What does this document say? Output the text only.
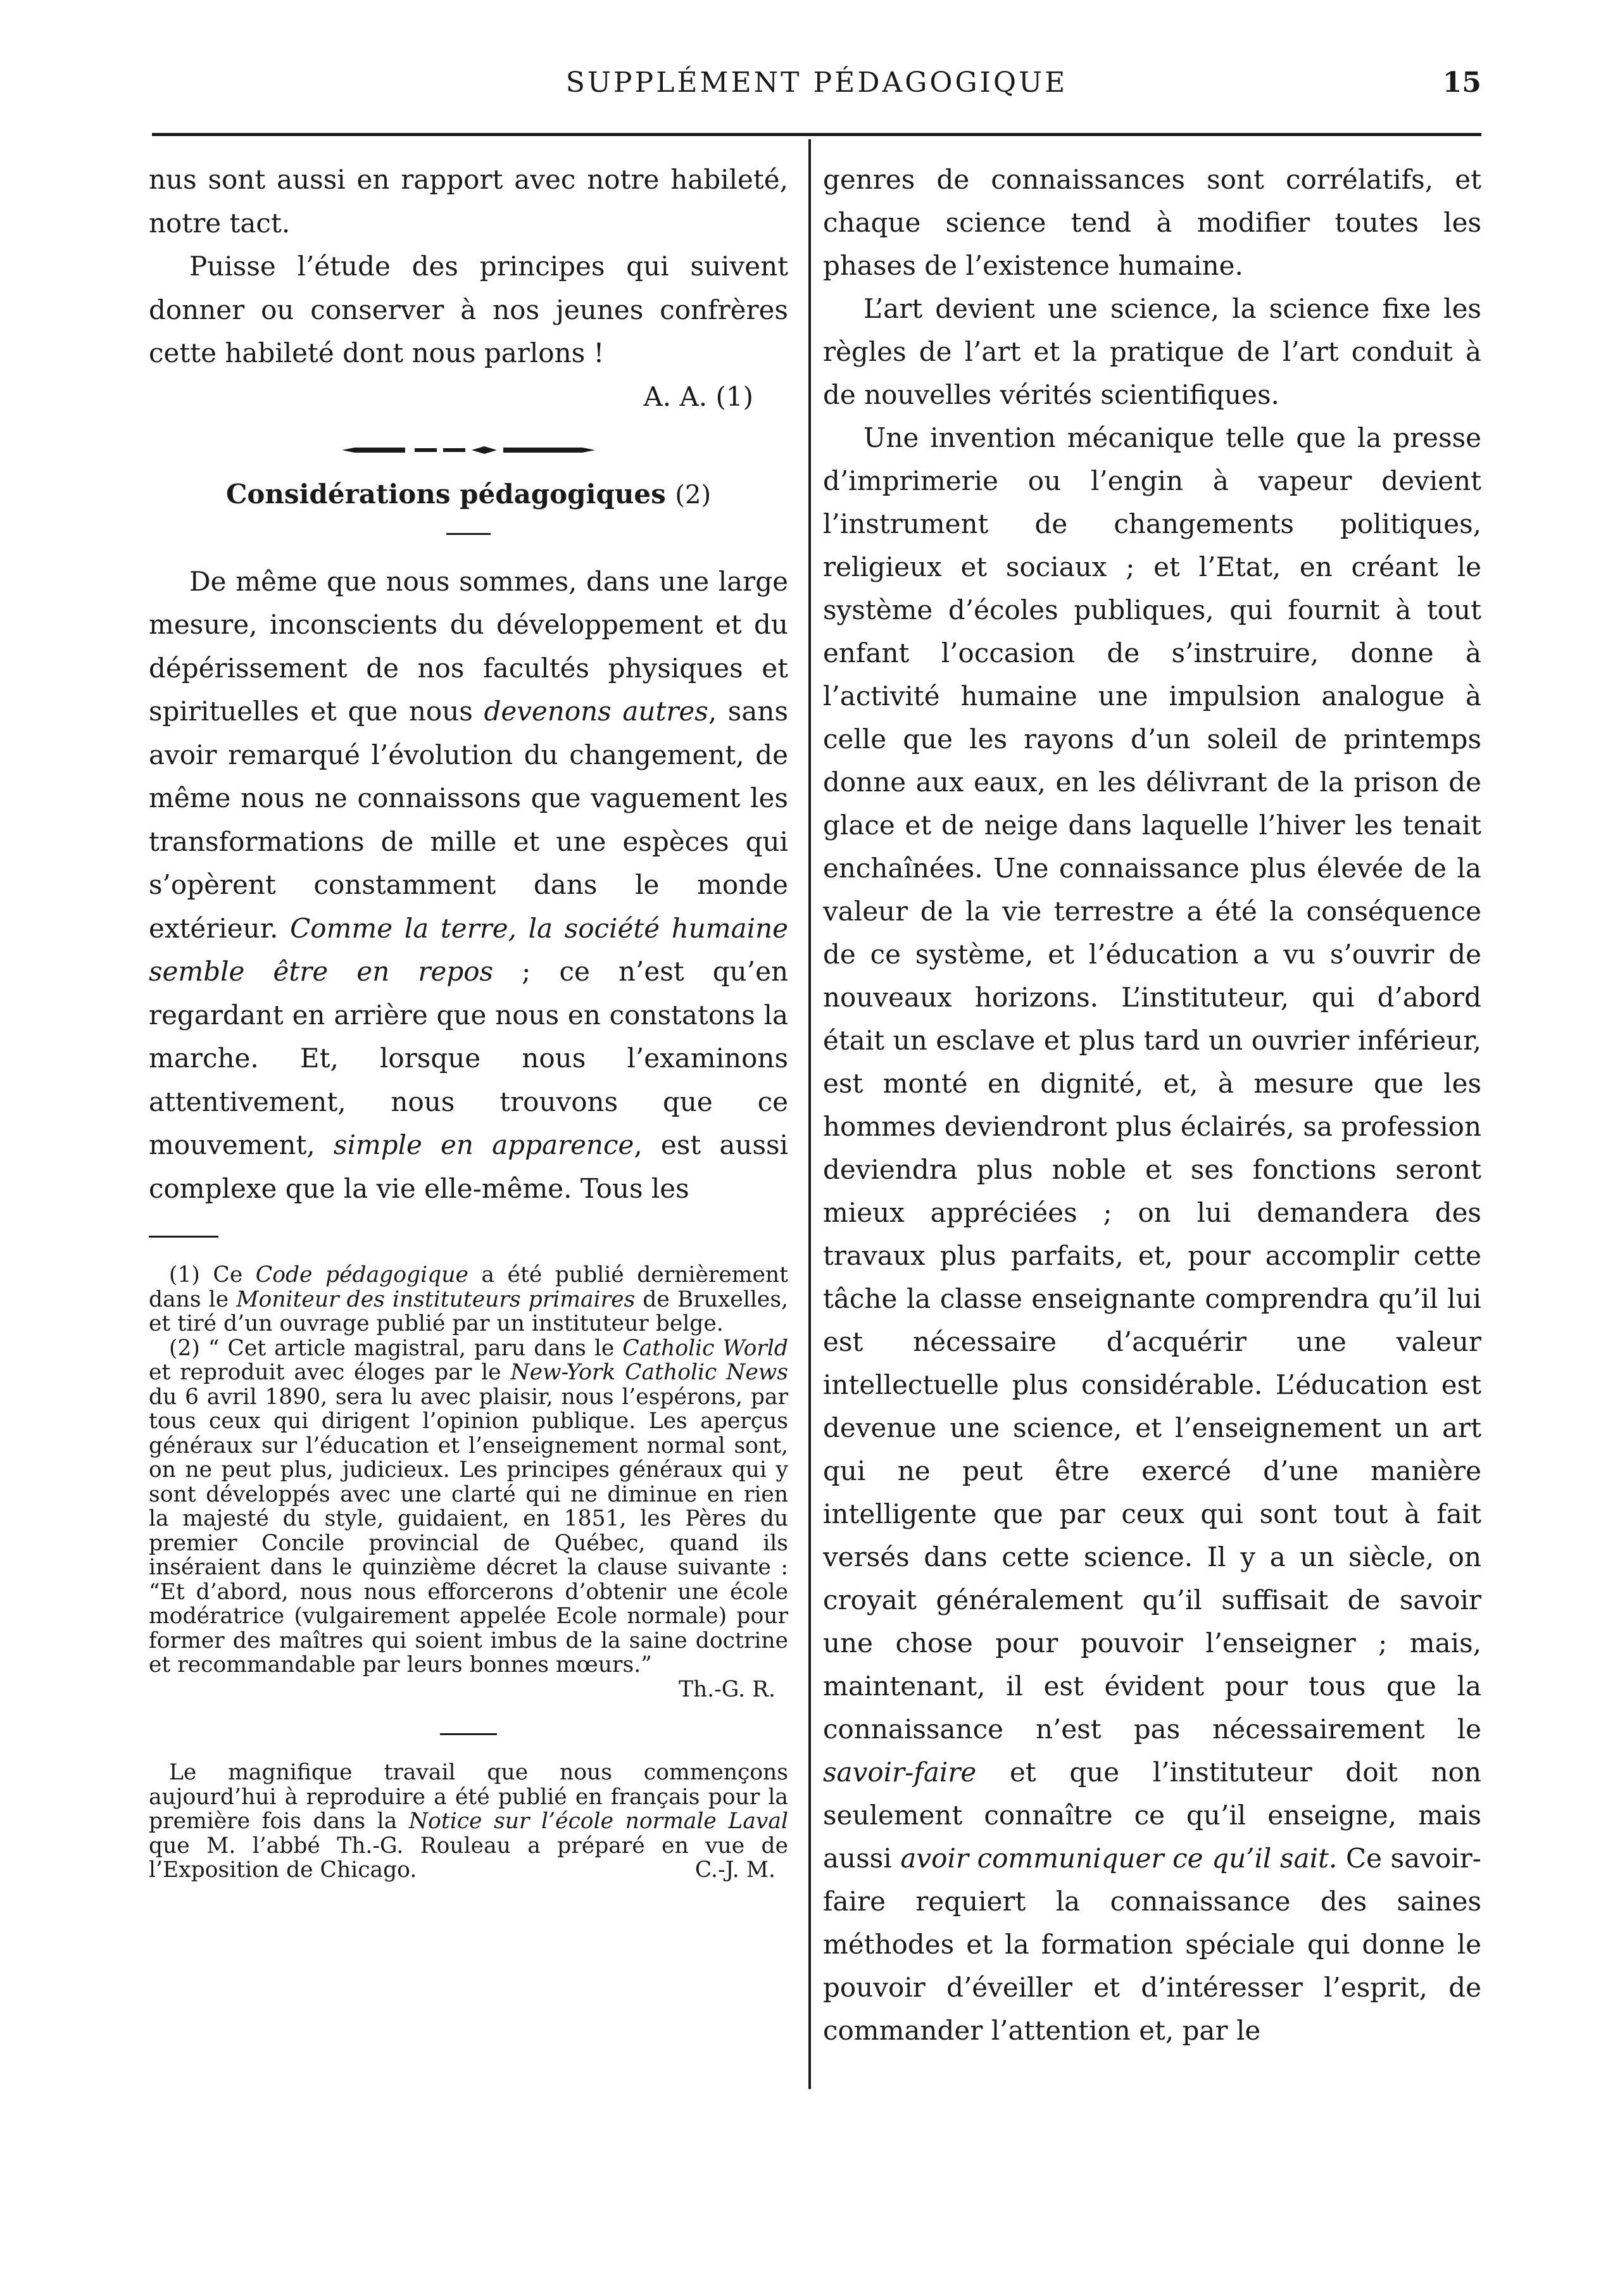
SUPPLÉMENT PÉDAGOGIQUE	15

nus sont aussi en rapport avec notre habileté, notre tact.

Puisse l’étude des principes qui suivent donner ou conserver à nos jeunes confrères cette habileté dont nous parlons !

A. A. (1)

Considérations pédagogiques (2)

De même que nous sommes, dans une large mesure, inconscients du développement et du dépérissement de nos facultés physiques et spirituelles et que nous devenons autres, sans avoir remarqué l’évolution du changement, de même nous ne connaissons que vaguement les transformations de mille et une espèces qui s’opèrent constamment dans le monde extérieur. Comme la terre, la société humaine semble être en repos ; ce n’est qu’en regardant en arrière que nous en constatons la marche. Et, lorsque nous l’examinons attentivement, nous trouvons que ce mouvement, simple en apparence, est aussi complexe que la vie elle-même. Tous les

(1) Ce Code pédagogique a été publié dernièrement dans le Moniteur des instituteurs primaires de Bruxelles, et tiré d’un ouvrage publié par un instituteur belge.

(2) “ Cet article magistral, paru dans le Catholic World et reproduit avec éloges par le New-York Catholic News du 6 avril 1890, sera lu avec plaisir, nous l’espérons, par tous ceux qui dirigent l’opinion publique. Les aperçus généraux sur l’éducation et l’enseignement normal sont, on ne peut plus, judicieux. Les principes généraux qui y sont développés avec une clarté qui ne diminue en rien la majesté du style, guidaient, en 1851, les Pères du premier Concile provincial de Québec, quand ils inséraient dans le quinzième décret la clause suivante : “Et d’abord, nous nous efforcerons d’obtenir une école modératrice (vulgairement appelée Ecole normale) pour former des maîtres qui soient imbus de la saine doctrine et recommandable par leurs bonnes mœurs.”

Th.-G. R.

Le magnifique travail que nous commençons aujourd’hui à reproduire a été publié en français pour la première fois dans la Notice sur l’école normale Laval que M. l’abbé Th.-G. Rouleau a préparé en vue de l’Exposition de Chicago.	C.-J. M.

genres de connaissances sont corrélatifs, et chaque science tend à modifier toutes les phases de l’existence humaine.

L’art devient une science, la science fixe les règles de l’art et la pratique de l’art conduit à de nouvelles vérités scientifiques.

Une invention mécanique telle que la presse d’imprimerie ou l’engin à vapeur devient l’instrument de changements politiques, religieux et sociaux ; et l’Etat, en créant le système d’écoles publiques, qui fournit à tout enfant l’occasion de s’instruire, donne à l’activité humaine une impulsion analogue à celle que les rayons d’un soleil de printemps donne aux eaux, en les délivrant de la prison de glace et de neige dans laquelle l’hiver les tenait enchaînées. Une connaissance plus élevée de la valeur de la vie terrestre a été la conséquence de ce système, et l’éducation a vu s’ouvrir de nouveaux horizons. L’instituteur, qui d’abord était un esclave et plus tard un ouvrier inférieur, est monté en dignité, et, à mesure que les hommes deviendront plus éclairés, sa profession deviendra plus noble et ses fonctions seront mieux appréciées ; on lui demandera des travaux plus parfaits, et, pour accomplir cette tâche la classe enseignante comprendra qu’il lui est nécessaire d’acquérir une valeur intellectuelle plus considérable. L’éducation est devenue une science, et l’enseignement un art qui ne peut être exercé d’une manière intelligente que par ceux qui sont tout à fait versés dans cette science. Il y a un siècle, on croyait généralement qu’il suffisait de savoir une chose pour pouvoir l’enseigner ; mais, maintenant, il est évident pour tous que la connaissance n’est pas nécessairement le savoir-faire et que l’instituteur doit non seulement connaître ce qu’il enseigne, mais aussi avoir communiquer ce qu’il sait. Ce savoir-faire requiert la connaissance des saines méthodes et la formation spéciale qui donne le pouvoir d’éveiller et d’intéresser l’esprit, de commander l’attention et, par le
